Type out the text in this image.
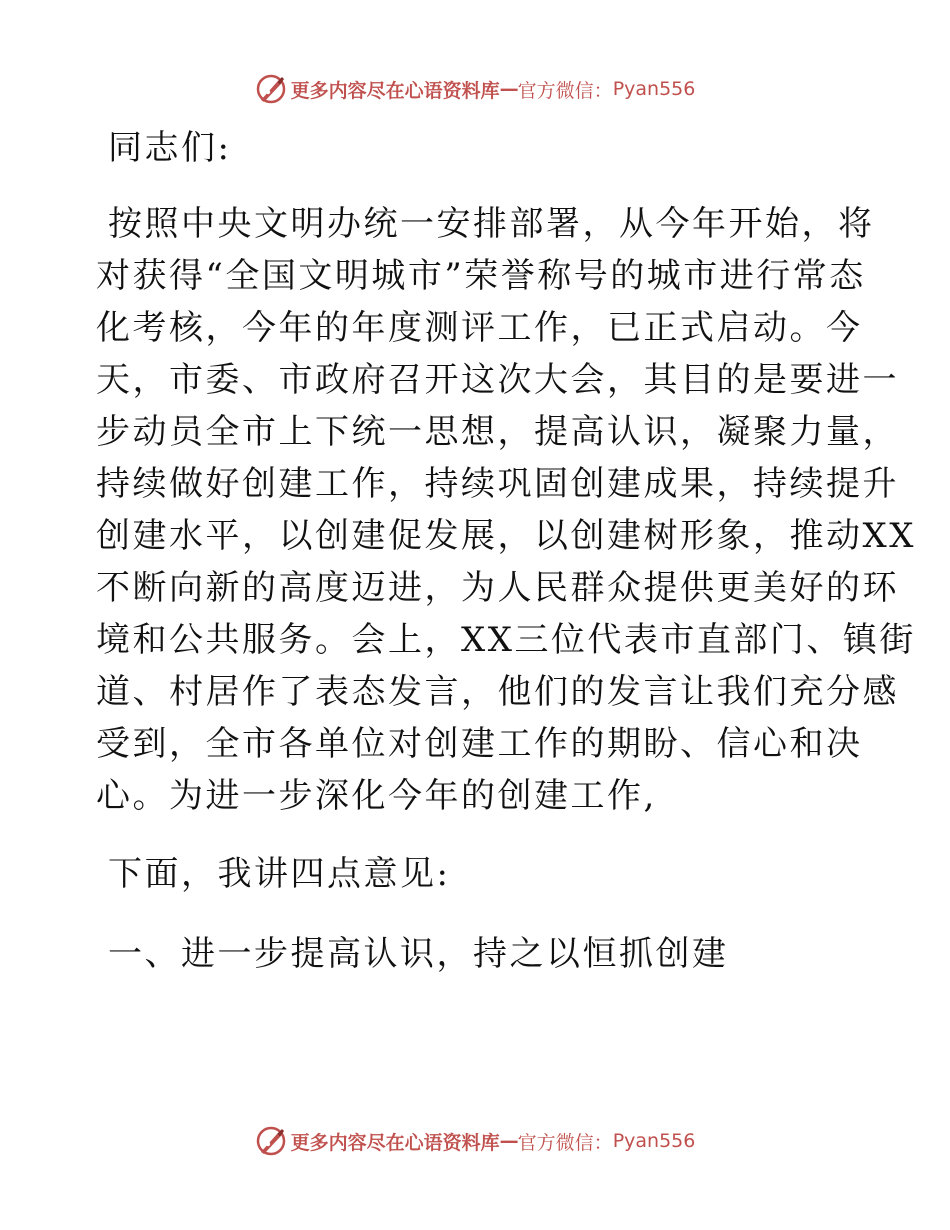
更多内容尽在心语资料库 — 官方微信： Pyan556

同志们:

按照中央文明办统一安排部署，从今年开始，将

对获得“全国文明城市”荣誉称号的城市进行常态

化考核，今年的年度测评工作，已正式启动。今

天，市委、市政府召开这次大会，其目的是要进一

步动员全市上下统一思想，提高认识，凝聚力量，

持续做好创建工作，持续巩固创建成果，持续提升

创建水平，以创建促发展，以创建树形象，推动XX

不断向新的高度迈进，为人民群众提供更美好的环

境和公共服务。会上，XX三位代表市直部门、镇街

道、村居作了表态发言，他们的发言让我们充分感

受到，全市各单位对创建工作的期盼、信心和决

心。为进一步深化今年的创建工作,

下面，我讲四点意见:

一、进一步提高认识，持之以恒抓创建

更多内容尽在心语资料库 — 官方微信： Pyan556
